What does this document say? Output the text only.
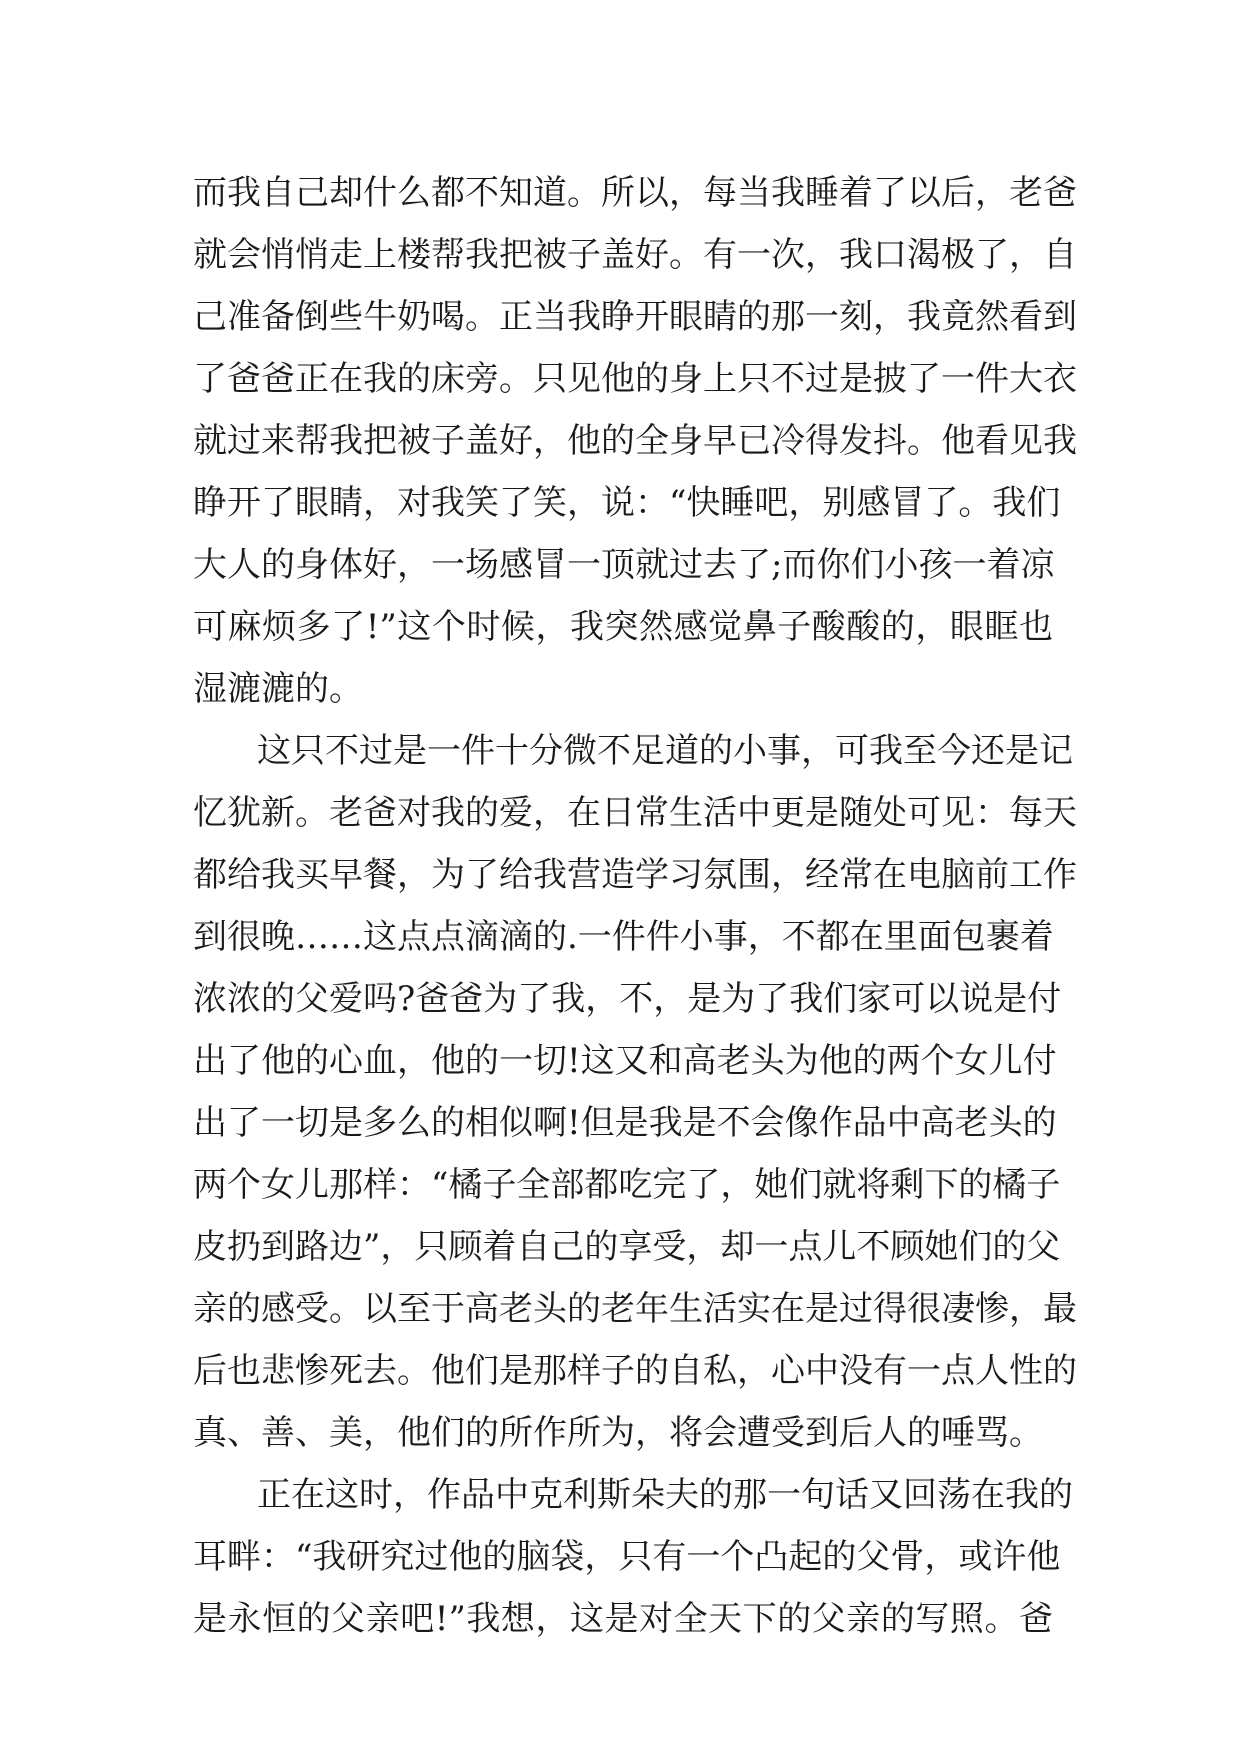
而我自己却什么都不知道。所以，每当我睡着了以后，老爸
就会悄悄走上楼帮我把被子盖好。有一次，我口渴极了，自
己准备倒些牛奶喝。正当我睁开眼睛的那一刻，我竟然看到
了爸爸正在我的床旁。只见他的身上只不过是披了一件大衣
就过来帮我把被子盖好，他的全身早已冷得发抖。他看见我
睁开了眼睛，对我笑了笑，说：“快睡吧，别感冒了。我们
大人的身体好，一场感冒一顶就过去了;而你们小孩一着凉
可麻烦多了!”这个时候，我突然感觉鼻子酸酸的，眼眶也
湿漉漉的。
这只不过是一件十分微不足道的小事，可我至今还是记
忆犹新。老爸对我的爱，在日常生活中更是随处可见：每天
都给我买早餐，为了给我营造学习氛围，经常在电脑前工作
到很晚……这点点滴滴的.一件件小事，不都在里面包裹着
浓浓的父爱吗?爸爸为了我，不，是为了我们家可以说是付
出了他的心血，他的一切!这又和高老头为他的两个女儿付
出了一切是多么的相似啊!但是我是不会像作品中高老头的
两个女儿那样：“橘子全部都吃完了，她们就将剩下的橘子
皮扔到路边”，只顾着自己的享受，却一点儿不顾她们的父
亲的感受。以至于高老头的老年生活实在是过得很凄惨，最
后也悲惨死去。他们是那样子的自私，心中没有一点人性的
真、善、美，他们的所作所为，将会遭受到后人的唾骂。
正在这时，作品中克利斯朵夫的那一句话又回荡在我的
耳畔：“我研究过他的脑袋，只有一个凸起的父骨，或许他
是永恒的父亲吧!”我想，这是对全天下的父亲的写照。爸
